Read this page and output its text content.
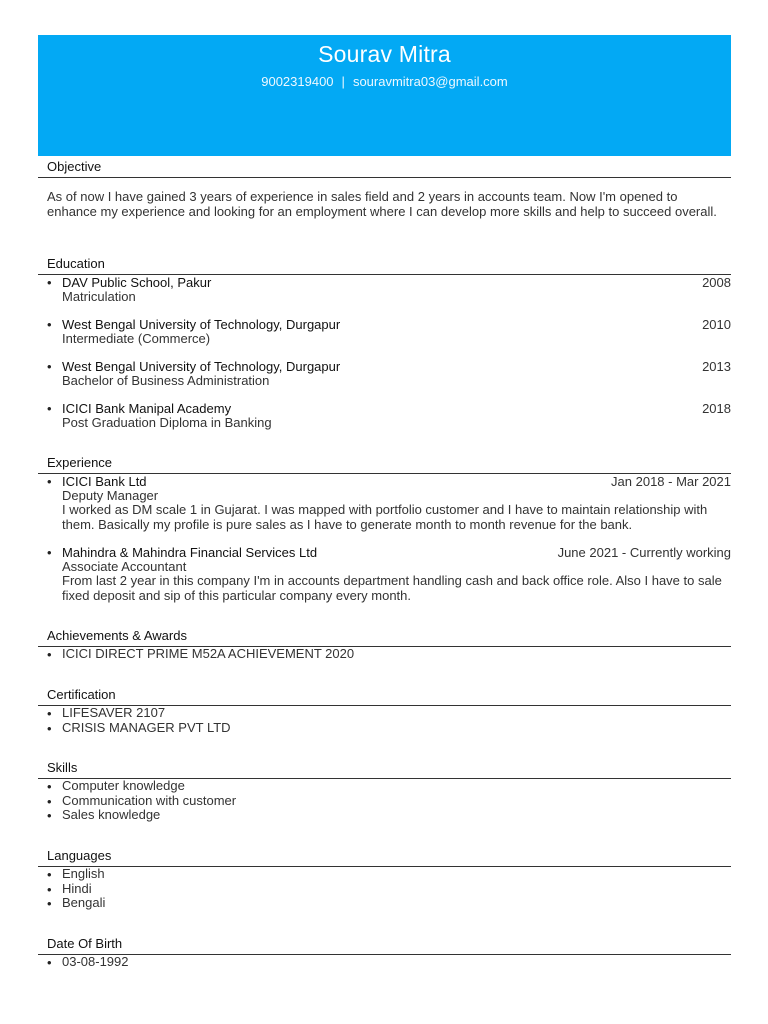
Sourav Mitra
9002319400 | souravmitra03@gmail.com
Objective
As of now I have gained 3 years of experience in sales field and 2 years in accounts team. Now I'm opened to enhance my experience and looking for an employment where I can develop more skills and help to succeed overall.
Education
• DAV Public School, Pakur	2008
Matriculation
• West Bengal University of Technology, Durgapur	2010
Intermediate (Commerce)
• West Bengal University of Technology, Durgapur	2013
Bachelor of Business Administration
• ICICI Bank Manipal Academy	2018
Post Graduation Diploma in Banking
Experience
• ICICI Bank Ltd	Jan 2018 - Mar 2021
Deputy Manager
I worked as DM scale 1 in Gujarat. I was mapped with portfolio customer and I have to maintain relationship with them. Basically my profile is pure sales as I have to generate month to month revenue for the bank.
• Mahindra & Mahindra Financial Services Ltd	June 2021 - Currently working
Associate Accountant
From last 2 year in this company I'm in accounts department handling cash and back office role. Also I have to sale fixed deposit and sip of this particular company every month.
Achievements & Awards
• ICICI DIRECT PRIME M52A ACHIEVEMENT 2020
Certification
• LIFESAVER 2107
• CRISIS MANAGER PVT LTD
Skills
• Computer knowledge
• Communication with customer
• Sales knowledge
Languages
• English
• Hindi
• Bengali
Date Of Birth
• 03-08-1992
